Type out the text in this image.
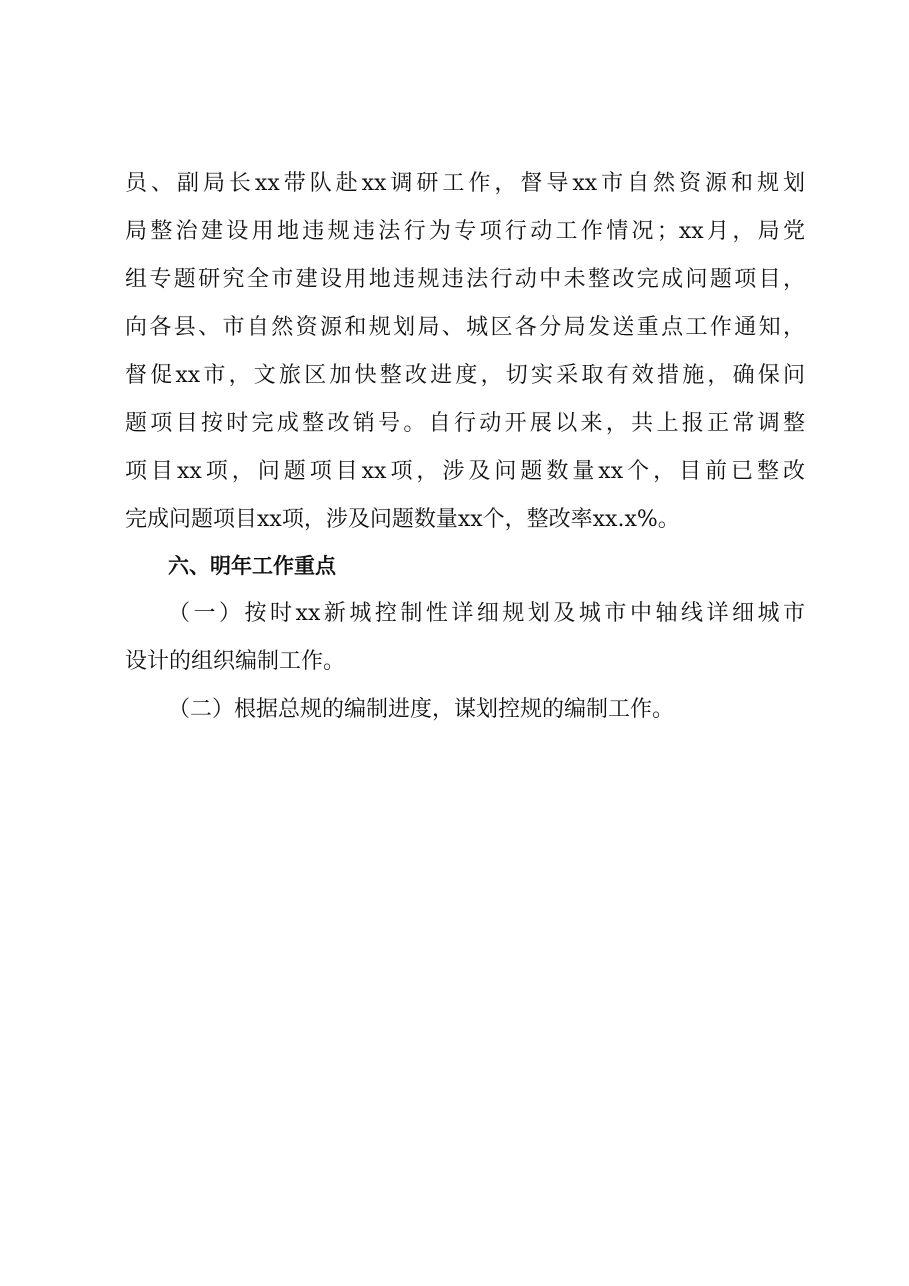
员、副局长xx带队赴xx调研工作，督导xx市自然资源和规划
局整治建设用地违规违法行为专项行动工作情况；xx月，局党
组专题研究全市建设用地违规违法行动中未整改完成问题项目，
向各县、市自然资源和规划局、城区各分局发送重点工作通知，
督促xx市，文旅区加快整改进度，切实采取有效措施，确保问
题项目按时完成整改销号。自行动开展以来，共上报正常调整
项目xx项，问题项目xx项，涉及问题数量xx个，目前已整改
完成问题项目xx项，涉及问题数量xx个，整改率xx.x%。
六、明年工作重点
（一）按时xx新城控制性详细规划及城市中轴线详细城市
设计的组织编制工作。
（二）根据总规的编制进度，谋划控规的编制工作。
